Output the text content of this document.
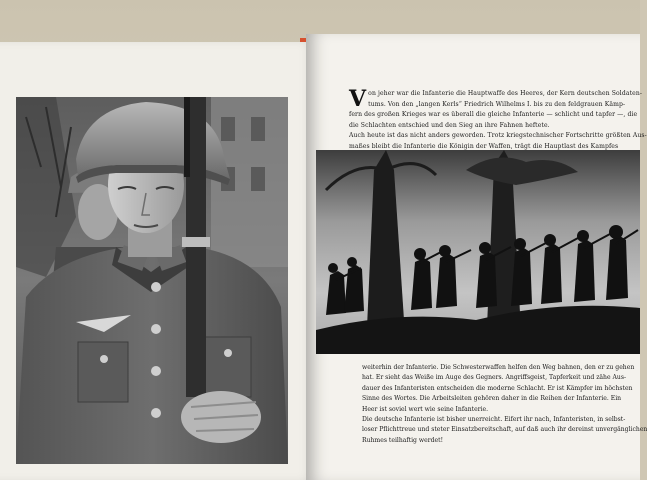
V on jeher war die Infanterie die Hauptwaffe des Heeres, der Kern deutschen Soldaten-
tums. Von den „langen Kerls“ Friedrich Wilhelms I. bis zu den feldgrauen Kämp-
fern des großen Krieges war es überall die gleiche Infanterie — schlicht und tapfer —, die
die Schlachten entschied und den Sieg an ihre Fahnen heftete.
Auch heute ist das nicht anders geworden. Trotz kriegstechnischer Fortschritte größten Aus-
maßes bleibt die Infanterie die Königin der Waffen, trägt die Hauptlast des Kampfes
weiterhin der Infanterie. Die Schwesterwaffen helfen den Weg bahnen, den er zu gehen
hat. Er sieht das Weiße im Auge des Gegners. Angriffsgeist, Tapferkeit und zähe Aus-
dauer des Infanteristen entscheiden die moderne Schlacht. Er ist Kämpfer im höchsten
Sinne des Wortes. Die Arbeitsleiten gehören daher in die Reihen der Infanterie. Ein
Heer ist soviel wert wie seine Infanterie.
Die deutsche Infanterie ist bisher unerreicht. Eifert ihr nach, Infanteristen, in selbst-
loser Pflichttreue und steter Einsatzbereitschaft, auf daß auch ihr dereinst unvergänglichen
Ruhmes teilhaftig werdet!
